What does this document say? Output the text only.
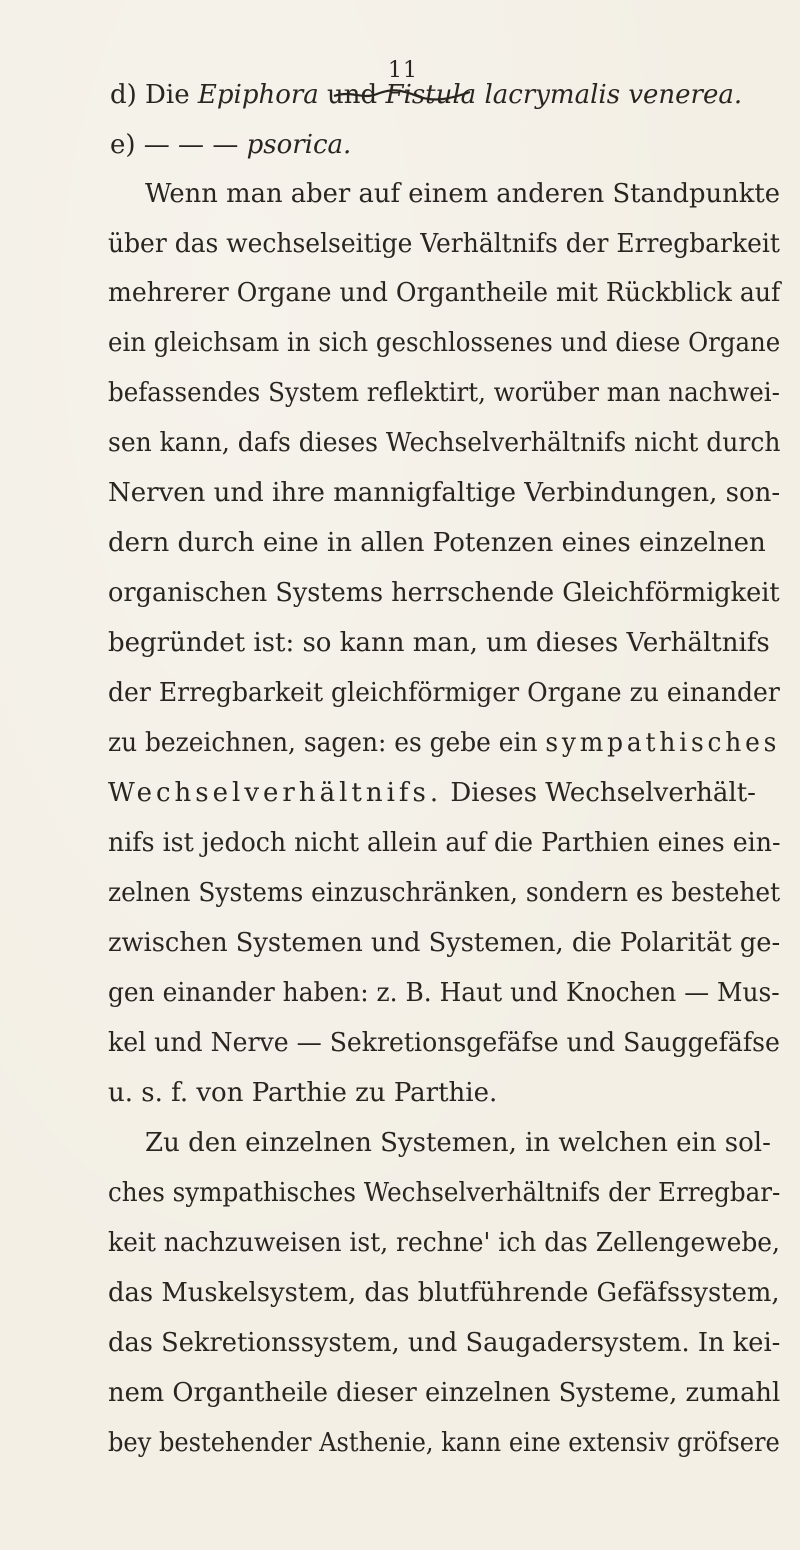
11
d) Die Epiphora und Fistula lacrymalis venerea.
e) — — — psorica.
Wenn man aber auf einem anderen Standpunkte
über das wechselseitige Verhältnifs der Erregbarkeit
mehrerer Organe und Organtheile mit Rückblick auf
ein gleichsam in sich geschlossenes und diese Organe
befassendes System reflektirt, worüber man nachwei-
sen kann, dafs dieses Wechselverhältnifs nicht durch
Nerven und ihre mannigfaltige Verbindungen, son-
dern durch eine in allen Potenzen eines einzelnen
organischen Systems herrschende Gleichförmigkeit
begründet ist: so kann man, um dieses Verhältnifs
der Erregbarkeit gleichförmiger Organe zu einander
zu bezeichnen, sagen: es gebe ein sympathisches
Wechselverhältnifs. Dieses Wechselverhält-
nifs ist jedoch nicht allein auf die Parthien eines ein-
zelnen Systems einzuschränken, sondern es bestehet
zwischen Systemen und Systemen, die Polarität ge-
gen einander haben: z. B. Haut und Knochen — Mus-
kel und Nerve — Sekretionsgefäfse und Sauggefäfse
u. s. f. von Parthie zu Parthie.
Zu den einzelnen Systemen, in welchen ein sol-
ches sympathisches Wechselverhältnifs der Erregbar-
keit nachzuweisen ist, rechne' ich das Zellengewebe,
das Muskelsystem, das blutführende Gefäfssystem,
das Sekretionssystem, und Saugadersystem. In kei-
nem Organtheile dieser einzelnen Systeme, zumahl
bey bestehender Asthenie, kann eine extensiv gröfsere
